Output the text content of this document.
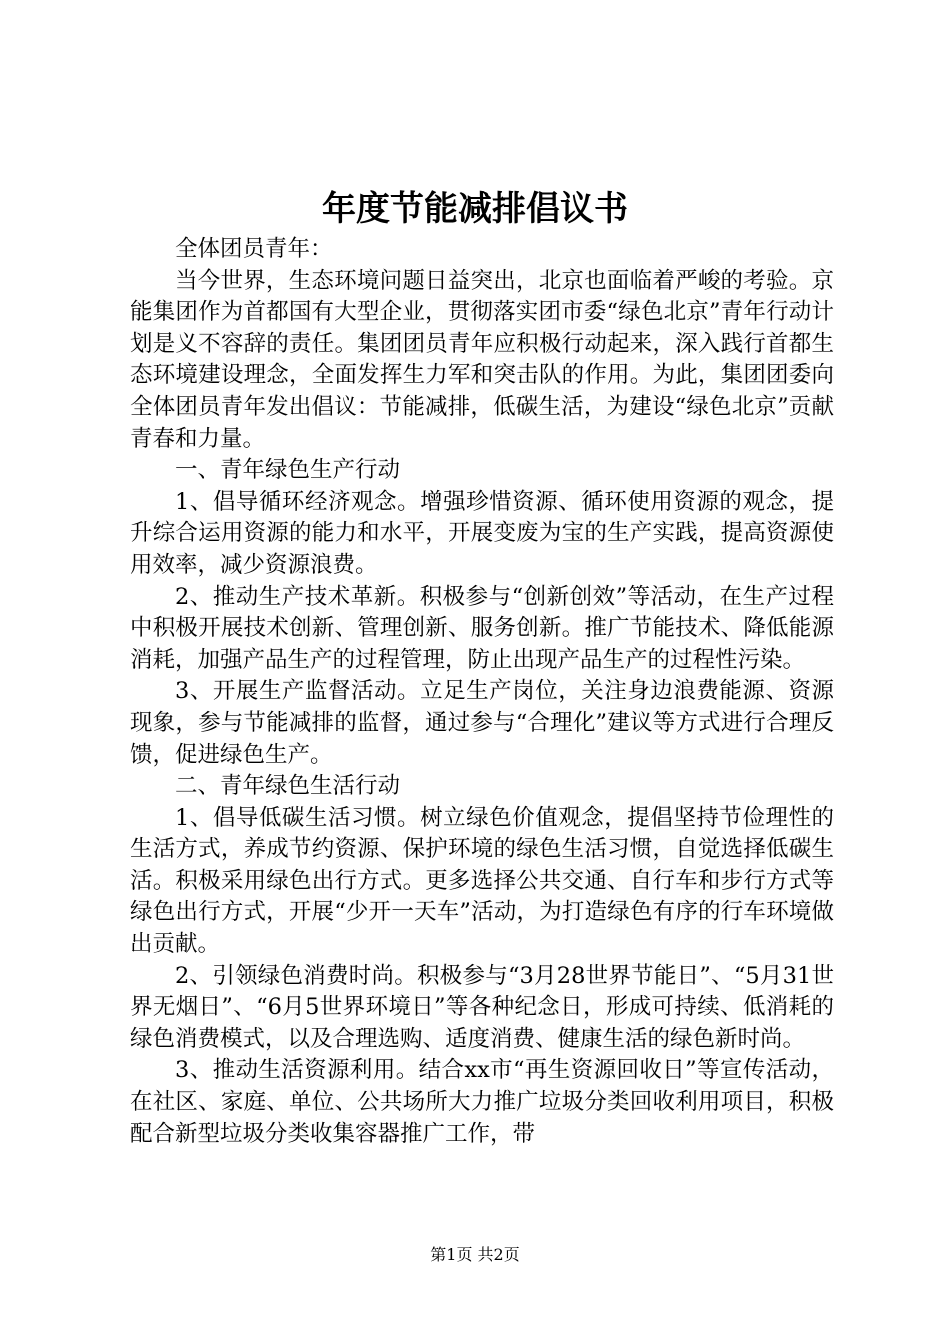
年度节能减排倡议书

全体团员青年：

当今世界，生态环境问题日益突出，北京也面临着严峻的考验。京能集团作为首都国有大型企业，贯彻落实团市委“绿色北京”青年行动计划是义不容辞的责任。集团团员青年应积极行动起来，深入践行首都生态环境建设理念，全面发挥生力军和突击队的作用。为此，集团团委向全体团员青年发出倡议：节能减排，低碳生活，为建设“绿色北京”贡献青春和力量。

一、青年绿色生产行动

1、倡导循环经济观念。增强珍惜资源、循环使用资源的观念，提升综合运用资源的能力和水平，开展变废为宝的生产实践，提高资源使用效率，减少资源浪费。

2、推动生产技术革新。积极参与“创新创效”等活动，在生产过程中积极开展技术创新、管理创新、服务创新。推广节能技术、降低能源消耗，加强产品生产的过程管理，防止出现产品生产的过程性污染。

3、开展生产监督活动。立足生产岗位，关注身边浪费能源、资源现象，参与节能减排的监督，通过参与“合理化”建议等方式进行合理反馈，促进绿色生产。

二、青年绿色生活行动

1、倡导低碳生活习惯。树立绿色价值观念，提倡坚持节俭理性的生活方式，养成节约资源、保护环境的绿色生活习惯，自觉选择低碳生活。积极采用绿色出行方式。更多选择公共交通、自行车和步行方式等绿色出行方式，开展“少开一天车”活动，为打造绿色有序的行车环境做出贡献。

2、引领绿色消费时尚。积极参与“3月28世界节能日”、“5月31世界无烟日”、“6月5世界环境日”等各种纪念日，形成可持续、低消耗的绿色消费模式，以及合理选购、适度消费、健康生活的绿色新时尚。

3、推动生活资源利用。结合xx市“再生资源回收日”等宣传活动，在社区、家庭、单位、公共场所大力推广垃圾分类回收利用项目，积极配合新型垃圾分类收集容器推广工作，带

第1页 共2页
